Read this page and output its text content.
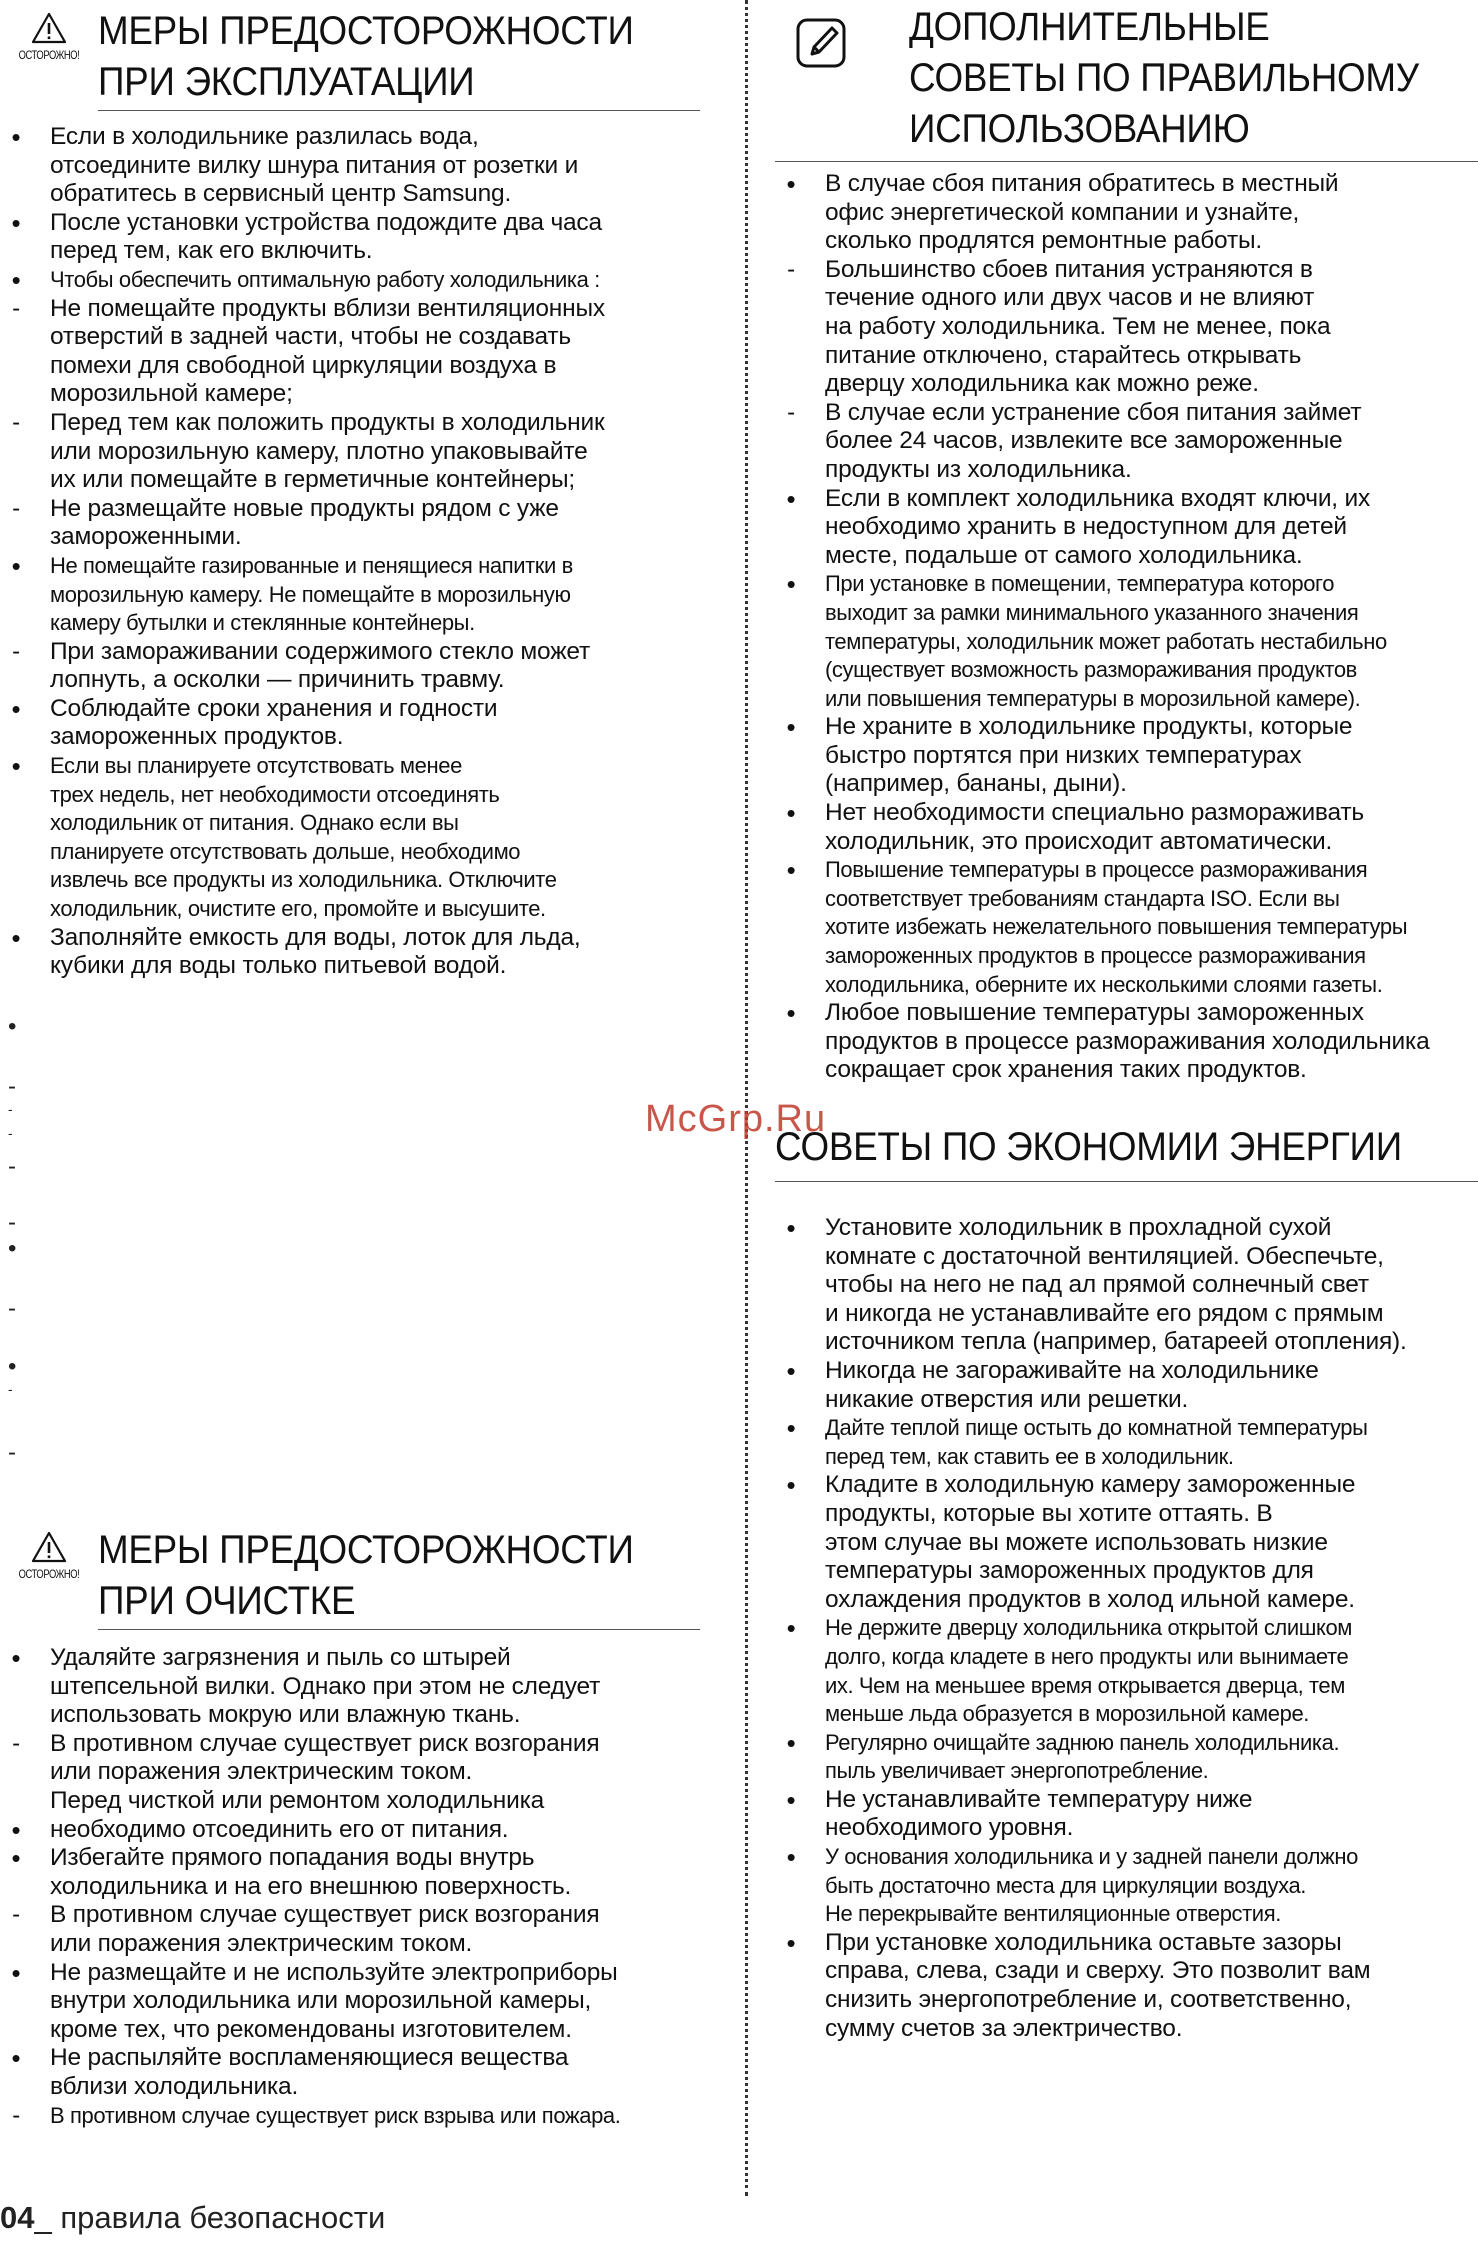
ОСТОРОЖНО!
МЕРЫ ПРЕДОСТОРОЖНОСТИ
ПРИ ЭКСПЛУАТАЦИИ
•
Если в холодильнике разлилась вода,
отсоедините вилку шнура питания от розетки и
обратитесь в сервисный центр Samsung.
•
После установки устройства подождите два часа
перед тем, как его включить.
•
Чтобы обеспечить оптимальную работу холодильника :
-
Не помещайте продукты вблизи вентиляционных
отверстий в задней части, чтобы не создавать
помехи для свободной циркуляции воздуха в
морозильной камере;
-
Перед тем как положить продукты в холодильник
или морозильную камеру, плотно упаковывайте
их или помещайте в герметичные контейнеры;
-
Не размещайте новые продукты рядом с уже
замороженными.
•
Не помещайте газированные и пенящиеся напитки в
морозильную камеру. Не помещайте в морозильную
камеру бутылки и стеклянные контейнеры.
-
При замораживании содержимого стекло может
лопнуть, а осколки — причинить травму.
•
Соблюдайте сроки хранения и годности
замороженных продуктов.
•
Если вы планируете отсутствовать менее
трех недель, нет необходимости отсоединять
холодильник от питания. Однако если вы
планируете отсутствовать дольше, необходимо
извлечь все продукты из холодильника. Отключите
холодильник, очистите его, промойте и высушите.
•
Заполняйте емкость для воды, лоток для льда,
кубики для воды только питьевой водой.
•
-
-
-
-
-
•
-
•
-
-
ОСТОРОЖНО!
МЕРЫ ПРЕДОСТОРОЖНОСТИ
ПРИ ОЧИСТКЕ
•
Удаляйте загрязнения и пыль со штырей
штепсельной вилки. Однако при этом не следует
использовать мокрую или влажную ткань.
-
В противном случае существует риск возгорания
или поражения электрическим током.
Перед чисткой или ремонтом холодильника
•
необходимо отсоединить его от питания.
•
Избегайте прямого попадания воды внутрь
холодильника и на его внешнюю поверхность.
-
В противном случае существует риск возгорания
или поражения электрическим током.
•
Не размещайте и не используйте электроприборы
внутри холодильника или морозильной камеры,
кроме тех, что рекомендованы изготовителем.
•
Не распыляйте воспламеняющиеся вещества
вблизи холодильника.
-
В противном случае существует риск взрыва или пожара.
ДОПОЛНИТЕЛЬНЫЕ
СОВЕТЫ ПО ПРАВИЛЬНОМУ
ИСПОЛЬЗОВАНИЮ
•
В случае сбоя питания обратитесь в местный
офис энергетической компании и узнайте,
сколько продлятся ремонтные работы.
-
Большинство сбоев питания устраняются в
течение одного или двух часов и не влияют
на работу холодильника. Тем не менее, пока
питание отключено, старайтесь открывать
дверцу холодильника как можно реже.
-
В случае если устранение сбоя питания займет
более 24 часов, извлеките все замороженные
продукты из холодильника.
•
Если в комплект холодильника входят ключи, их
необходимо хранить в недоступном для детей
месте, подальше от самого холодильника.
•
При установке в помещении, температура которого
выходит за рамки минимального указанного значения
температуры, холодильник может работать нестабильно
(существует возможность размораживания продуктов
или повышения температуры в морозильной камере).
•
Не храните в холодильнике продукты, которые
быстро портятся при низких температурах
(например, бананы, дыни).
•
Нет необходимости специально размораживать
холодильник, это происходит автоматически.
•
Повышение температуры в процессе размораживания
соответствует требованиям стандарта ISO. Если вы
хотите избежать нежелательного повышения температуры
замороженных продуктов в процессе размораживания
холодильника, оберните их несколькими слоями газеты.
•
Любое повышение температуры замороженных
продуктов в процессе размораживания холодильника
сокращает срок хранения таких продуктов.
СОВЕТЫ ПО ЭКОНОМИИ ЭНЕРГИИ
•
Установите холодильник в прохладной сухой
комнате с достаточной вентиляцией. Обеспечьте,
чтобы на него не пад ал прямой солнечный свет
и никогда не устанавливайте его рядом с прямым
источником тепла (например, батареей отопления).
•
Никогда не загораживайте на холодильнике
никакие отверстия или решетки.
•
Дайте теплой пище остыть до комнатной температуры
перед тем, как ставить ее в холодильник.
•
Кладите в холодильную камеру замороженные
продукты, которые вы хотите оттаять. В
этом случае вы можете использовать низкие
температуры замороженных продуктов для
охлаждения продуктов в холод ильной камере.
•
Не держите дверцу холодильника открытой слишком
долго, когда кладете в него продукты или вынимаете
их. Чем на меньшее время открывается дверца, тем
меньше льда образуется в морозильной камере.
•
Регулярно очищайте заднюю панель холодильника.
пыль увеличивает энергопотребление.
•
Не устанавливайте температуру ниже
необходимого уровня.
•
У основания холодильника и у задней панели должно
быть достаточно места для циркуляции воздуха.
Не перекрывайте вентиляционные отверстия.
•
При установке холодильника оставьте зазоры
справа, слева, сзади и сверху. Это позволит вам
снизить энергопотребление и, соответственно,
сумму счетов за электричество.
McGrp.Ru
04_ правила безопасности
